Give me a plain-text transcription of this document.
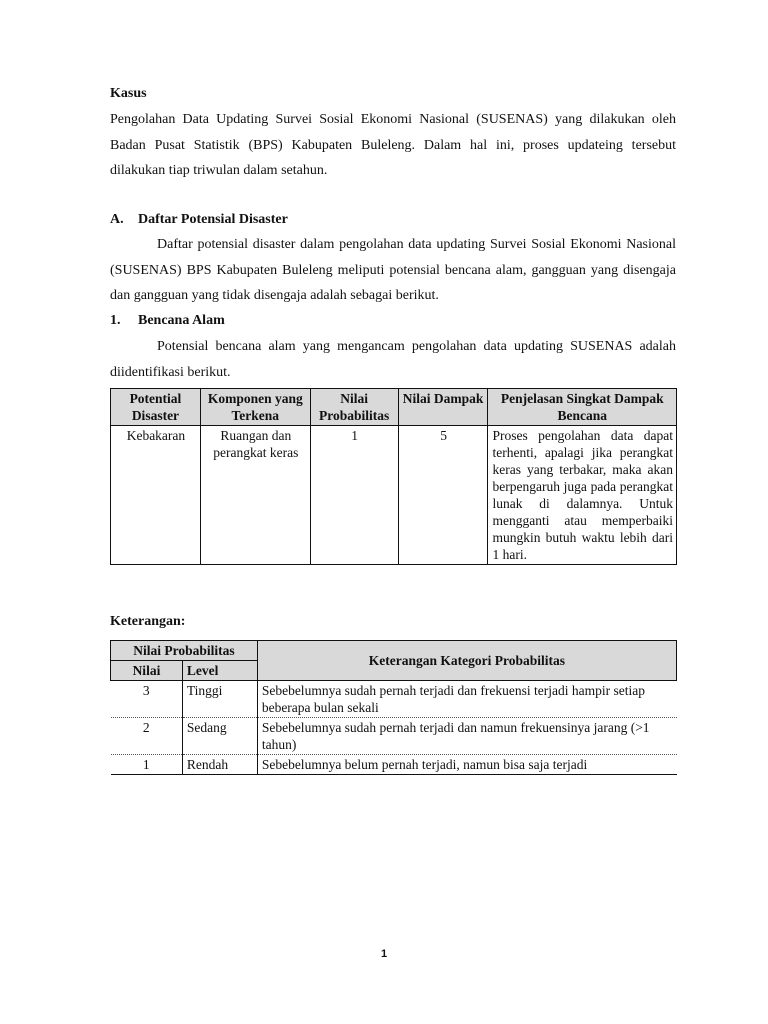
Kasus

Pengolahan Data Updating Survei Sosial Ekonomi Nasional (SUSENAS) yang dilakukan oleh Badan Pusat Statistik (BPS) Kabupaten Buleleng. Dalam hal ini, proses updateing tersebut dilakukan tiap triwulan dalam setahun.

A. Daftar Potensial Disaster

Daftar potensial disaster dalam pengolahan data updating Survei Sosial Ekonomi Nasional (SUSENAS) BPS Kabupaten Buleleng meliputi potensial bencana alam, gangguan yang disengaja dan gangguan yang tidak disengaja adalah sebagai berikut.

1. Bencana Alam

Potensial bencana alam yang mengancam pengolahan data updating SUSENAS adalah diidentifikasi berikut.

Potential Disaster	Komponen yang Terkena	Nilai Probabilitas	Nilai Dampak	Penjelasan Singkat Dampak Bencana
Kebakaran	Ruangan dan perangkat keras	1	5	Proses pengolahan data dapat terhenti, apalagi jika perangkat keras yang terbakar, maka akan berpengaruh juga pada perangkat lunak di dalamnya. Untuk mengganti atau memperbaiki mungkin butuh waktu lebih dari 1 hari.
Keterangan:
Nilai Probabilitas		Keterangan Kategori Probabilitas
Nilai	Level	
3	Tinggi	Sebebelumnya sudah pernah terjadi dan frekuensi terjadi hampir setiap beberapa bulan sekali
2	Sedang	Sebebelumnya sudah pernah terjadi dan namun frekuensinya jarang (>1 tahun)
1	Rendah	Sebebelumnya belum pernah terjadi, namun bisa saja terjadi
1
